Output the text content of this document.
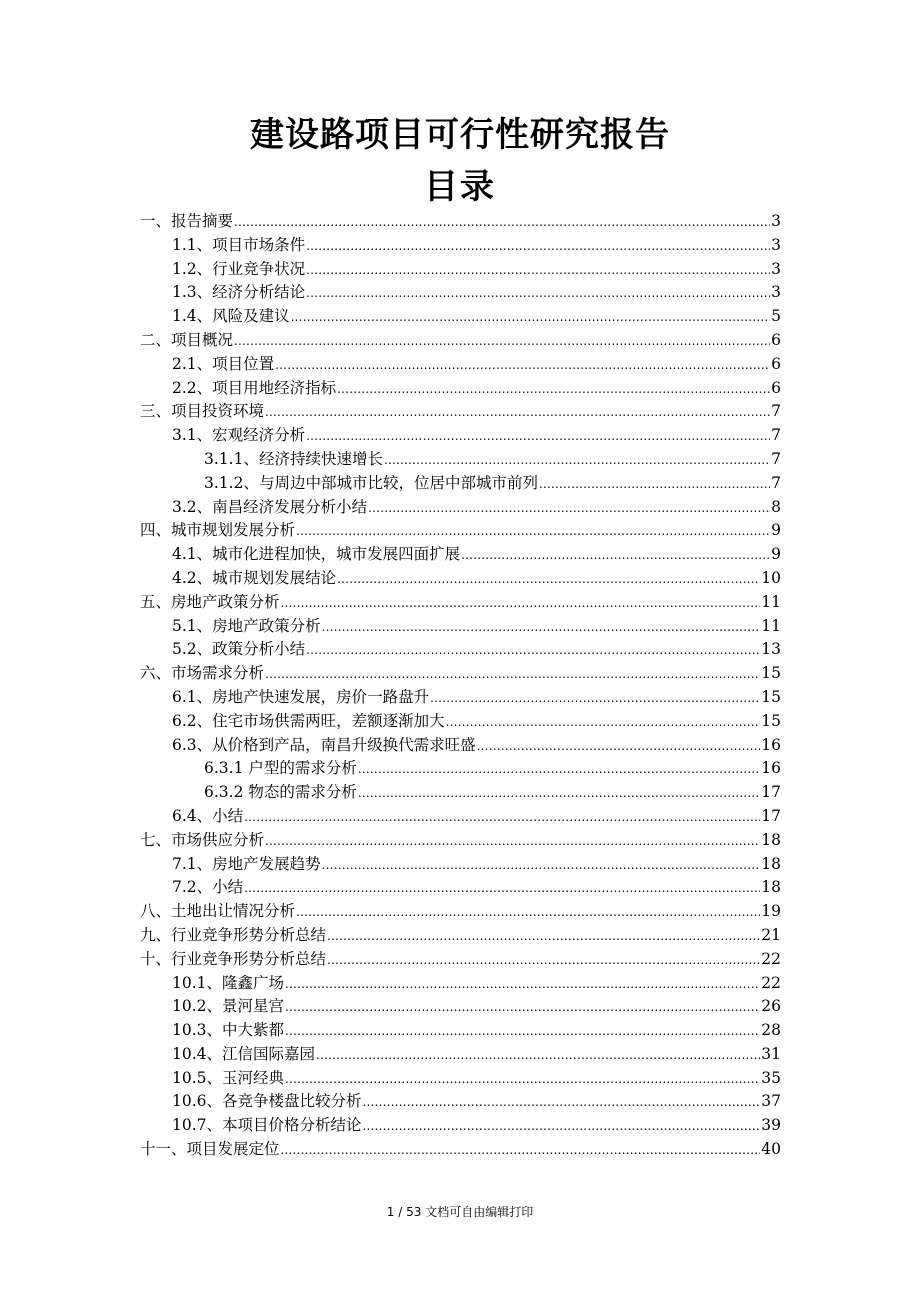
建设路项目可行性研究报告
目录
一、报告摘要 .....	3
1.1、项目市场条件 .....	3
1.2、行业竞争状况 .....	3
1.3、经济分析结论 .....	3
1.4、风险及建议 .....	5
二、项目概况 .....	6
2.1、项目位置 .....	6
2.2、项目用地经济指标 .....	6
三、项目投资环境 .....	7
3.1、宏观经济分析 .....	7
3.1.1、经济持续快速增长 .....	7
3.1.2、与周边中部城市比较，位居中部城市前列 .....	7
3.2、南昌经济发展分析小结 .....	8
四、城市规划发展分析 .....	9
4.1、城市化进程加快，城市发展四面扩展 .....	9
4.2、城市规划发展结论 .....	10
五、房地产政策分析 .....	11
5.1、房地产政策分析 .....	11
5.2、政策分析小结 .....	13
六、市场需求分析 .....	15
6.1、房地产快速发展，房价一路盘升 .....	15
6.2、住宅市场供需两旺，差额逐渐加大 .....	15
6.3、从价格到产品，南昌升级换代需求旺盛 .....	16
6.3.1 户型的需求分析 .....	16
6.3.2 物态的需求分析 .....	17
6.4、小结 .....	17
七、市场供应分析 .....	18
7.1、房地产发展趋势 .....	18
7.2、小结 .....	18
八、土地出让情况分析 .....	19
九、行业竞争形势分析总结 .....	21
十、行业竞争形势分析总结 .....	22
10.1、隆鑫广场 .....	22
10.2、景河星宫 .....	26
10.3、中大紫都 .....	28
10.4、江信国际嘉园 .....	31
10.5、玉河经典 .....	35
10.6、各竞争楼盘比较分析 .....	37
10.7、本项目价格分析结论 .....	39
十一、项目发展定位 .....	40
1 / 53 文档可自由编辑打印
